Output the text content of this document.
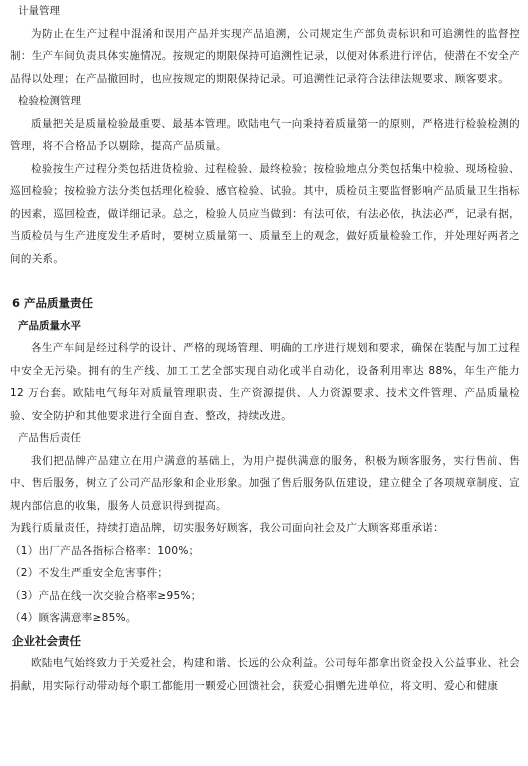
计量管理

为防止在生产过程中混淆和误用产品并实现产品追溯，公司规定生产部负责标识和可追溯性的监督控制：生产车间负责具体实施情况。按规定的期限保持可追溯性记录，以便对体系进行评估，使潜在不安全产品得以处理；在产品撤回时，也应按规定的期限保持记录。可追溯性记录符合法律法规要求、顾客要求。

检验检测管理

质量把关是质量检验最重要、最基本管理。欧陆电气一向秉持着质量第一的原则，严格进行检验检测的管理，将不合格品予以剔除，提高产品质量。

检验按生产过程分类包括进货检验、过程检验、最终检验；按检验地点分类包括集中检验、现场检验、巡回检验；按检验方法分类包括理化检验、感官检验、试验。其中，质检员主要监督影响产品质量卫生指标的因素，巡回检查，做详细记录。总之，检验人员应当做到：有法可依，有法必依，执法必严，记录有据，当质检员与生产进度发生矛盾时，要树立质量第一、质量至上的观念，做好质量检验工作，并处理好两者之间的关系。

6 产品质量责任

产品质量水平

各生产车间是经过科学的设计、严格的现场管理、明确的工序进行规划和要求，确保在装配与加工过程中安全无污染。拥有的生产线、加工工艺全部实现自动化或半自动化，设备利用率达 88%，年生产能力 12 万台套。欧陆电气每年对质量管理职责、生产资源提供、人力资源要求、技术文件管理、产品质量检验、安全防护和其他要求进行全面自查、整改，持续改进。

产品售后责任

我们把品牌产品建立在用户满意的基础上，为用户提供满意的服务，积极为顾客服务，实行售前、售中、售后服务，树立了公司产品形象和企业形象。加强了售后服务队伍建设，建立健全了各项规章制度、宣规内部信息的收集，服务人员意识得到提高。

为践行质量责任，持续打造品牌，切实服务好顾客，我公司面向社会及广大顾客郑重承诺：

（1）出厂产品各指标合格率：100%；
（2）不发生严重安全危害事件；
（3）产品在线一次交验合格率≥95%；
（4）顾客满意率≥85%。

企业社会责任

欧陆电气始终致力于关爱社会，构建和谐、长远的公众利益。公司每年都拿出资金投入公益事业、社会捐献，用实际行动带动每个职工都能用一颗爱心回馈社会，获爱心捐赠先进单位，将文明、爱心和健康
